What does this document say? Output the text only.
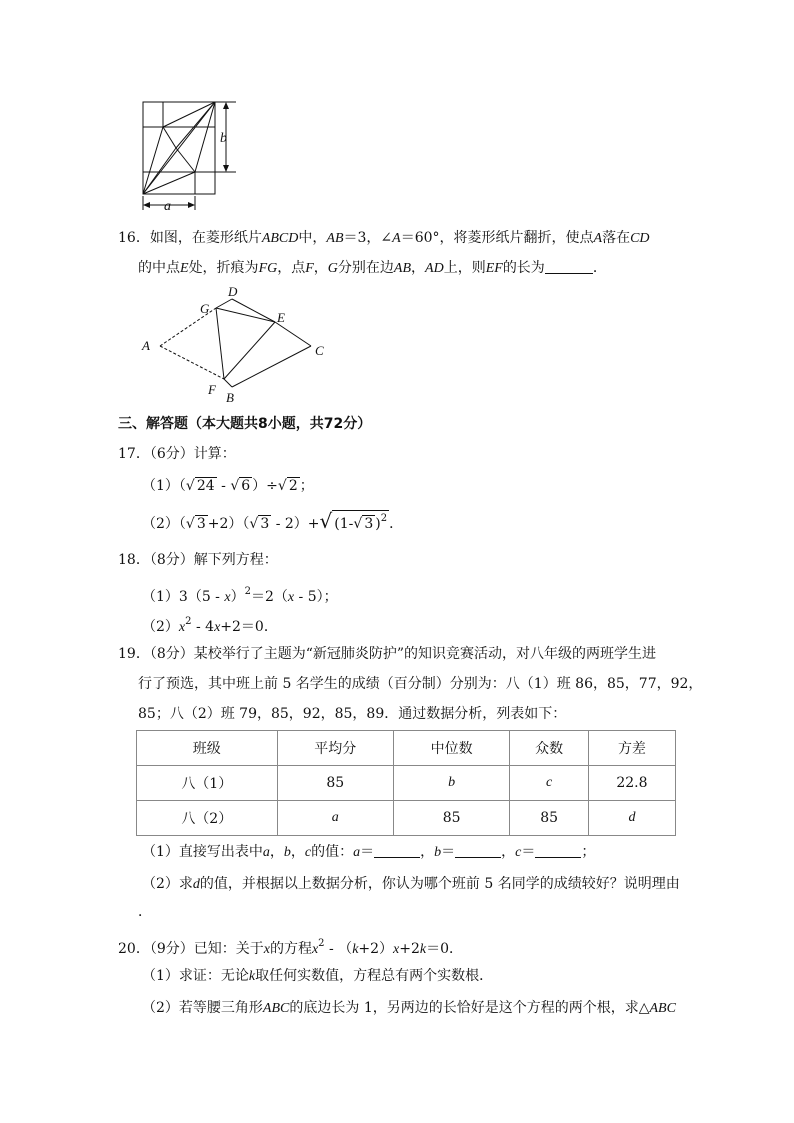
b
a
16．如图，在菱形纸片ABCD中，AB＝3，∠A＝60°，将菱形纸片翻折，使点A落在CD
的中点E处，折痕为FG，点F，G分别在边AB，AD上，则EF的长为	．
D
G
E
A	C
F
B
三、解答题（本大题共8小题，共72分）
17．（6分）计算：
（1）（√ 24 - √ 6 ）÷√ 2 ；
（2）（√ 3 +2）（√ 3 - 2）+√ (1-√ 3 )$^2$ ．
18．（8分）解下列方程：
（1）3（5 - x）$^2$＝2（x - 5）；
$(2)x^2 - 4x+2=0$．
19．（8分）某校举行了主题为“新冠肺炎防护”的知识竞赛活动，对八年级的两班学生进
行了预选，其中班上前 5 名学生的成绩（百分制）分别为：八（1）班 86，85，77，92，
85；八（2）班 79，85，92，85，89．通过数据分析，列表如下：
班级	平均分	中位数	众数	方差
八（1）	85	b	c	22.8
八（2）	a	85	85	d
（1）直接写出表中a，b，c的值：a＝	，b＝	，c＝	；
（2）求d的值，并根据以上数据分析，你认为哪个班前 5 名同学的成绩较好？说明理由
．
20．（9分）已知：关于x的方程$x^2 - (k+2)x+2k=0$．
（1）求证：无论k取任何实数值，方程总有两个实数根．
（2）若等腰三角形ABC的底边长为 1，另两边的长恰好是这个方程的两个根，求△ABC
